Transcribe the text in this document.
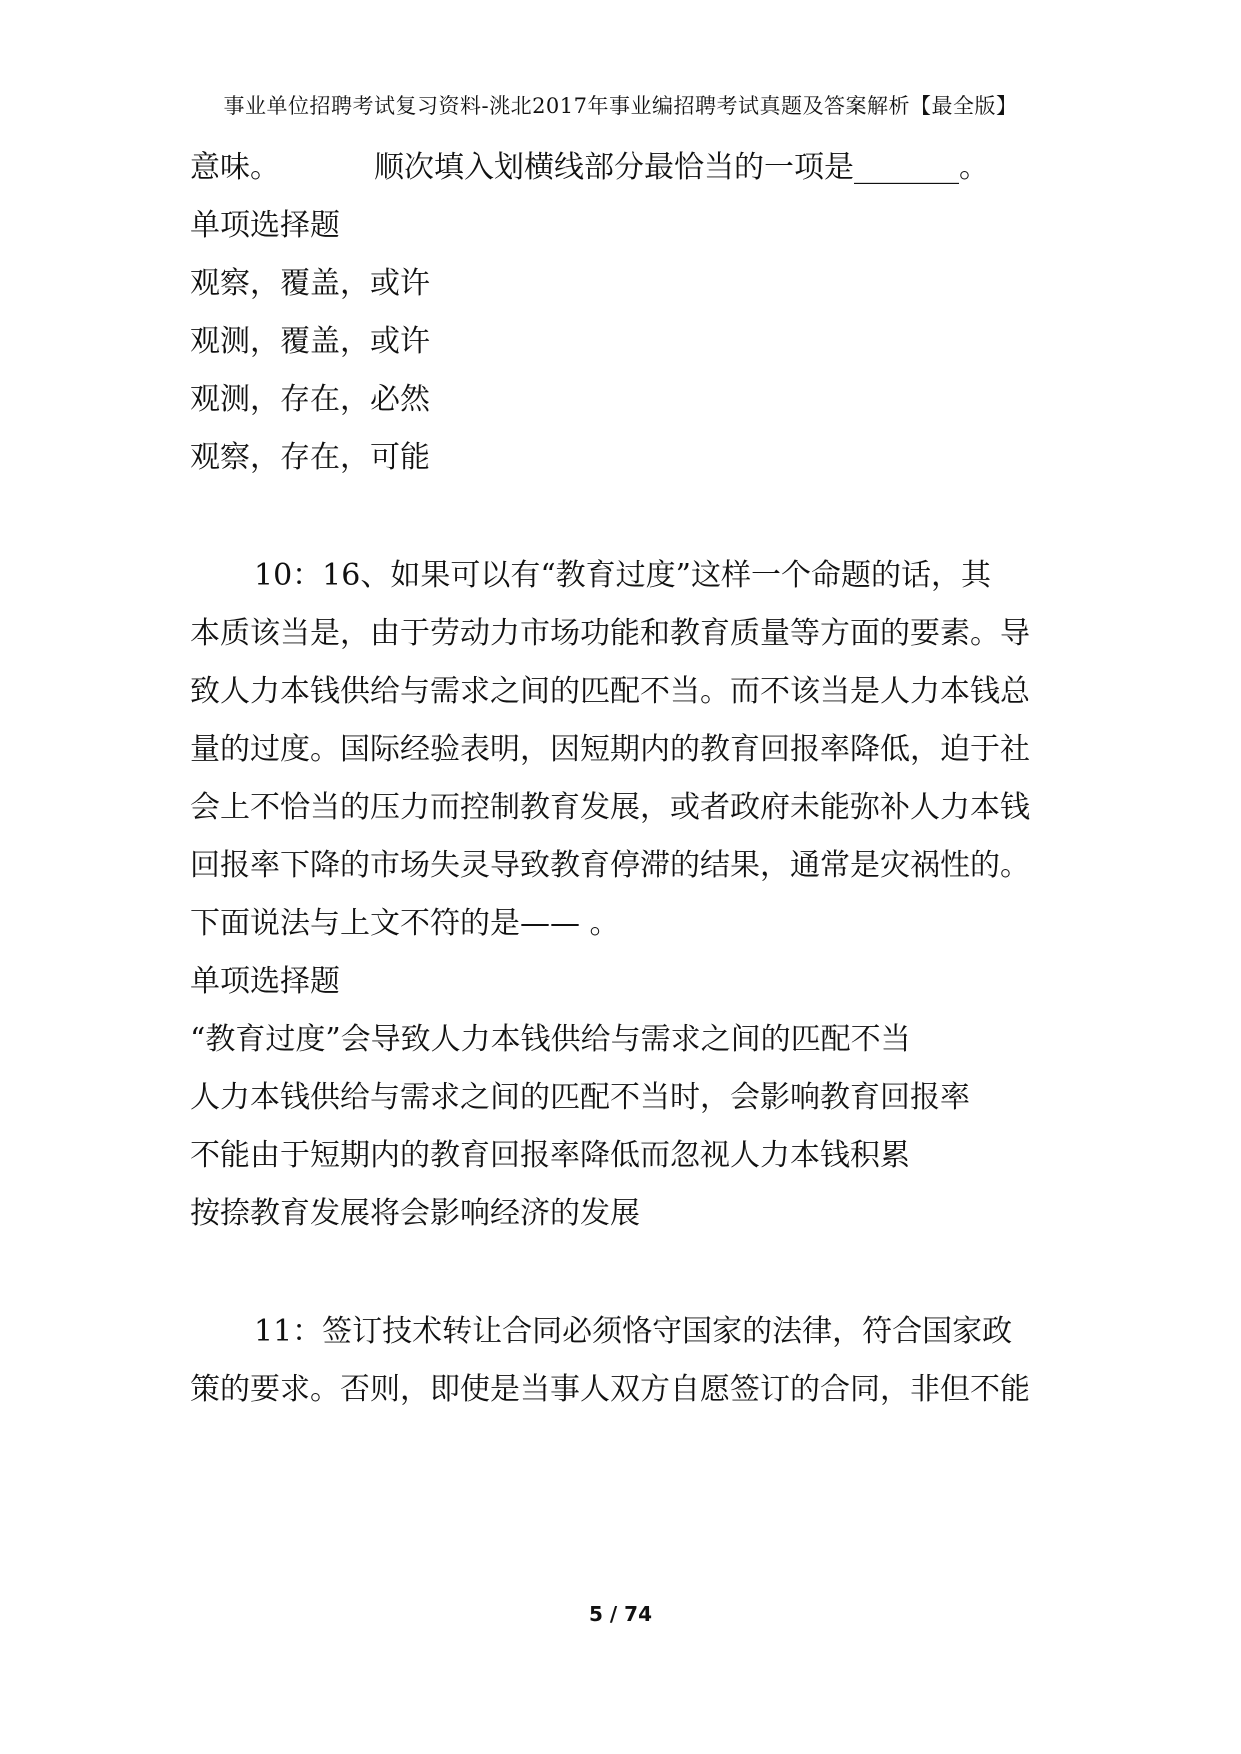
事业单位招聘考试复习资料-洮北2017年事业编招聘考试真题及答案解析【最全版】
意味。	顺次填入划横线部分最恰当的一项是_______。
单项选择题
观察，覆盖，或许
观测，覆盖，或许
观测，存在，必然
观察，存在，可能
10：16、如果可以有“教育过度”这样一个命题的话，其
本质该当是，由于劳动力市场功能和教育质量等方面的要素。导
致人力本钱供给与需求之间的匹配不当。而不该当是人力本钱总
量的过度。国际经验表明，因短期内的教育回报率降低，迫于社
会上不恰当的压力而控制教育发展，或者政府未能弥补人力本钱
回报率下降的市场失灵导致教育停滞的结果，通常是灾祸性的。
下面说法与上文不符的是—— 。
单项选择题
“教育过度”会导致人力本钱供给与需求之间的匹配不当
人力本钱供给与需求之间的匹配不当时，会影响教育回报率
不能由于短期内的教育回报率降低而忽视人力本钱积累
按捺教育发展将会影响经济的发展
11：签订技术转让合同必须恪守国家的法律，符合国家政
策的要求。否则，即使是当事人双方自愿签订的合同，非但不能
5 / 74
